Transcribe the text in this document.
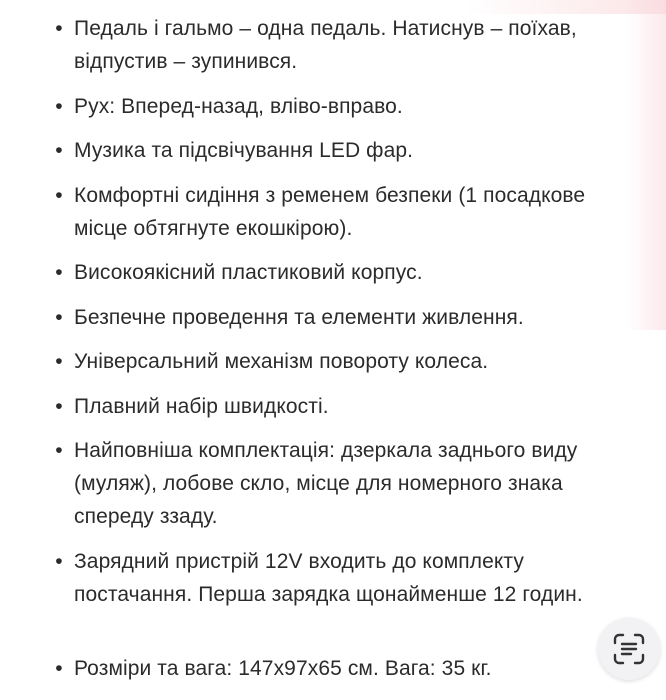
• Педаль і гальмо – одна педаль. Натиснув – поїхав, відпустив – зупинився.
• Рух: Вперед-назад, вліво-вправо.
• Музика та підсвічування LED фар.
• Комфортні сидіння з ременем безпеки (1 посадкове місце обтягнуте екошкірою).
• Високоякісний пластиковий корпус.
• Безпечне проведення та елементи живлення.
• Універсальний механізм повороту колеса.
• Плавний набір швидкості.
• Найповніша комплектація: дзеркала заднього виду (муляж), лобове скло, місце для номерного знака спереду ззаду.
• Зарядний пристрій 12V входить до комплекту постачання. Перша зарядка щонайменше 12 годин.
• Розміри та вага: 147х97х65 см. Вага: 35 кг.
